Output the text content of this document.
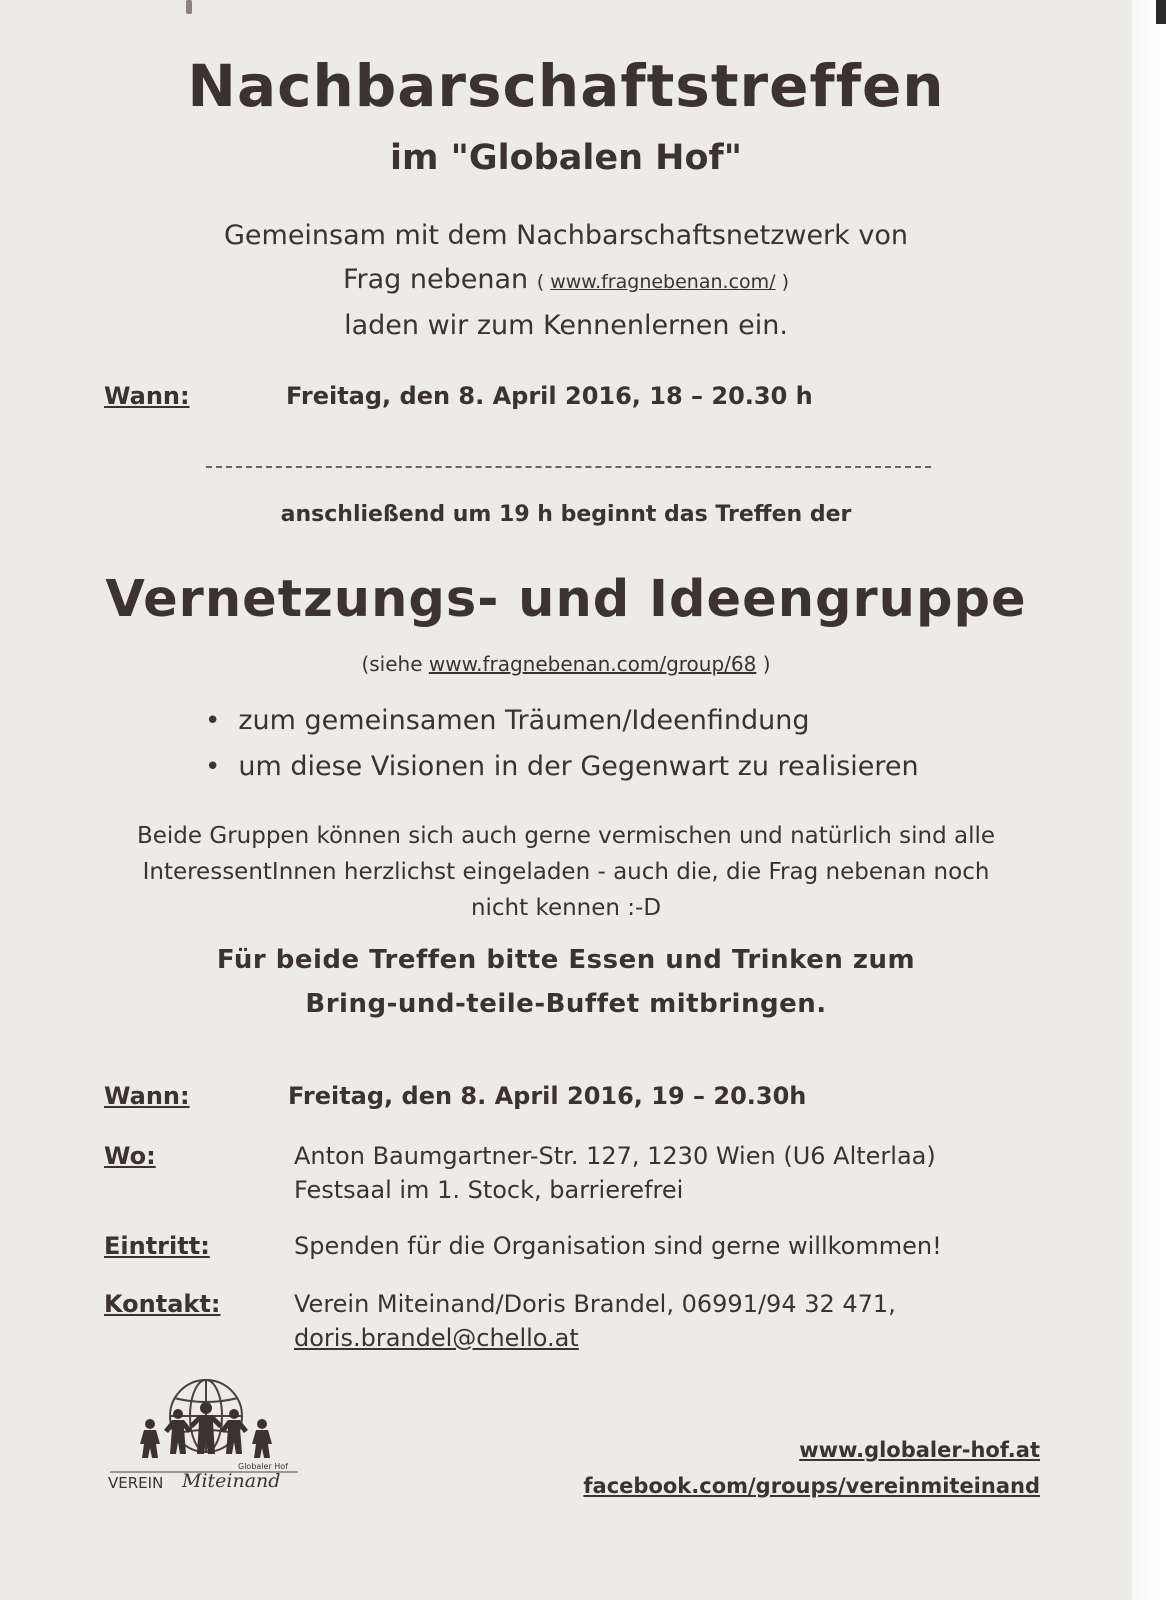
Nachbarschaftstreffen
im "Globalen Hof"
Gemeinsam mit dem Nachbarschaftsnetzwerk von
Frag nebenan ( www.fragnebenan.com/ )
laden wir zum Kennenlernen ein.
Wann:	Freitag, den 8. April 2016, 18 – 20.30 h
anschließend um 19 h beginnt das Treffen der
Vernetzungs- und Ideengruppe
(siehe www.fragnebenan.com/group/68 )
• zum gemeinsamen Träumen/Ideenfindung
• um diese Visionen in der Gegenwart zu realisieren
Beide Gruppen können sich auch gerne vermischen und natürlich sind alle
InteressentInnen herzlichst eingeladen - auch die, die Frag nebenan noch
nicht kennen :-D
Für beide Treffen bitte Essen und Trinken zum
Bring-und-teile-Buffet mitbringen.
Wann:	Freitag, den 8. April 2016, 19 – 20.30h
Wo:	Anton Baumgartner-Str. 127, 1230 Wien (U6 Alterlaa)
Festsaal im 1. Stock, barrierefrei
Eintritt:	Spenden für die Organisation sind gerne willkommen!
Kontakt:	Verein Miteinand/Doris Brandel, 06991/94 32 471,
doris.brandel@chello.at
VEREIN Miteinand
Globaler Hof
www.globaler-hof.at
facebook.com/groups/vereinmiteinand
